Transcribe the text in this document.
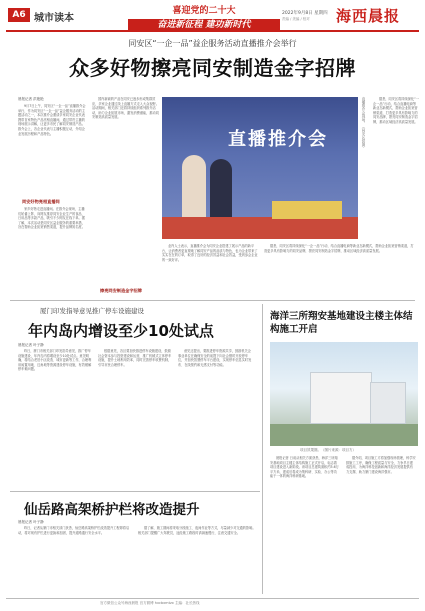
A6 城市读本
喜迎党的二十大
奋进新征程 建功新时代
2022年9月8日 星期四
责编 / 美编 / 校对 海西晨报
同安区“一企一品”益企服务活动直播推介会举行
众多好物擦亮同安制造金字招牌
晨报记者 洪艳艳

9月7日上午，同安区“一企一品”直播推介会举行，作为同安区“一企一品”益企服务活动的主题活动之一，本次推介会邀请多家同安企业代表携带自家特色产品亮相直播间，通过带货主播的现场展示讲解，让更多市民了解同安制造产品。推介会上，各企业代表与主播积极互动，介绍企业发展历程和产品特色。

同安好物亮相直播间

家乡好物走进直播间。在推介会现场，主播们轮番上阵，向网友推荐同安企业生产的食品、日用品等多款产品，吸引不少网友在线下单。据了解，本次活动是同安区益企服务的重要举措，旨在帮助企业拓宽销售渠道，提升品牌知名度。

国内新颖的产品在同安已逐步形成集群效应，多家企业通过线上直播方式走入大众视野。活动期间，相关部门还将持续组织系列推介活动，助力企业拓展市场，激发消费潜能，推动同安制造高质量发展。

直播推介会	直播推介会现场。（同安区供图）	据悉，同安区将持续深化“一企一品”行动，结合直播电商等新业态新模式，帮助企业拓宽营销渠道，打造更多具有影响力的同安品牌，擦亮同安制造金字招牌，推动区域经济高质量发展。

擦亮同安制造金字招牌

业内人士表示，直播推介会为同安企业搭建了展示产品的新平台，让消费者更直观地了解同安产品的品质与特色，也为企业带来了实实在在的订单，取得了良好的经济效益和社会效益，受到参会企业的一致好评。

据悉，同安区将持续深化“一企一品”行动，结合直播电商等新业态新模式，帮助企业拓宽营销渠道，打造更多具有影响力的同安品牌，擦亮同安制造金字招牌，推动区域经济高质量发展。

厦门印发指导意见推广停车设施建设
年内岛内增设至少10处试点
晨报记者 叶子静

昨日，厦门市相关部门印发指导意见，推广停车设施建设，年内岛内将增设至少10处试点。意见明确，将结合老旧小区改造、城市更新等工作，合理利用闲置用地、边角地等资源建设停车设施，有效缓解停车难问题。

根据意见，各区要加快推进停车设施建设，鼓励社会资本参与投资建设和运营，推广机械式立体停车设施，提升土地利用效率，同时完善停车收费机制，引导市民合理停车。

意见还提出，要推进停车资源共享，鼓励机关企事业单位在确保安全的前提下向社会错时开放停车位，并加快智慧停车平台建设，实现停车信息实时发布、在线预约和无感支付等功能。

海洋三所翔安基地建设主楼主体结构施工开启
项目效果图。（图片来源：项目方）

晨报记者 日前从相关方面获悉，海洋三所翔安基地项目主楼主体结构施工正式开启，标志着项目建设进入新阶段。该项目总建筑面积约3.6万平方米，建成后将成为集科研、实验、办公等功能于一体的海洋科研基地。

据介绍，项目施工方将加强现场管理，科学安排施工工序，确保工程质量与安全，力争早日建成投用，为海洋科技创新和海洋经济发展提供有力支撑，助力厦门建设海洋强市。

仙岳路高架桥护栏将改造提升
晨报记者 叶子静

昨日，记者从厦门市相关部门获悉，仙岳路高架桥护栏改造提升工程即将启动，将对现有护栏进行更换和加固，提升道路通行安全水平。

据了解，施工期间将采取分段施工、夜间作业等方式，尽量减少对交通的影响。相关部门提醒广大驾驶员，途经施工路段时请减速慢行，注意交通安全。

官方微信公众号海西晨报 官方微博 hxcbxmtzx 主编：社长热线
